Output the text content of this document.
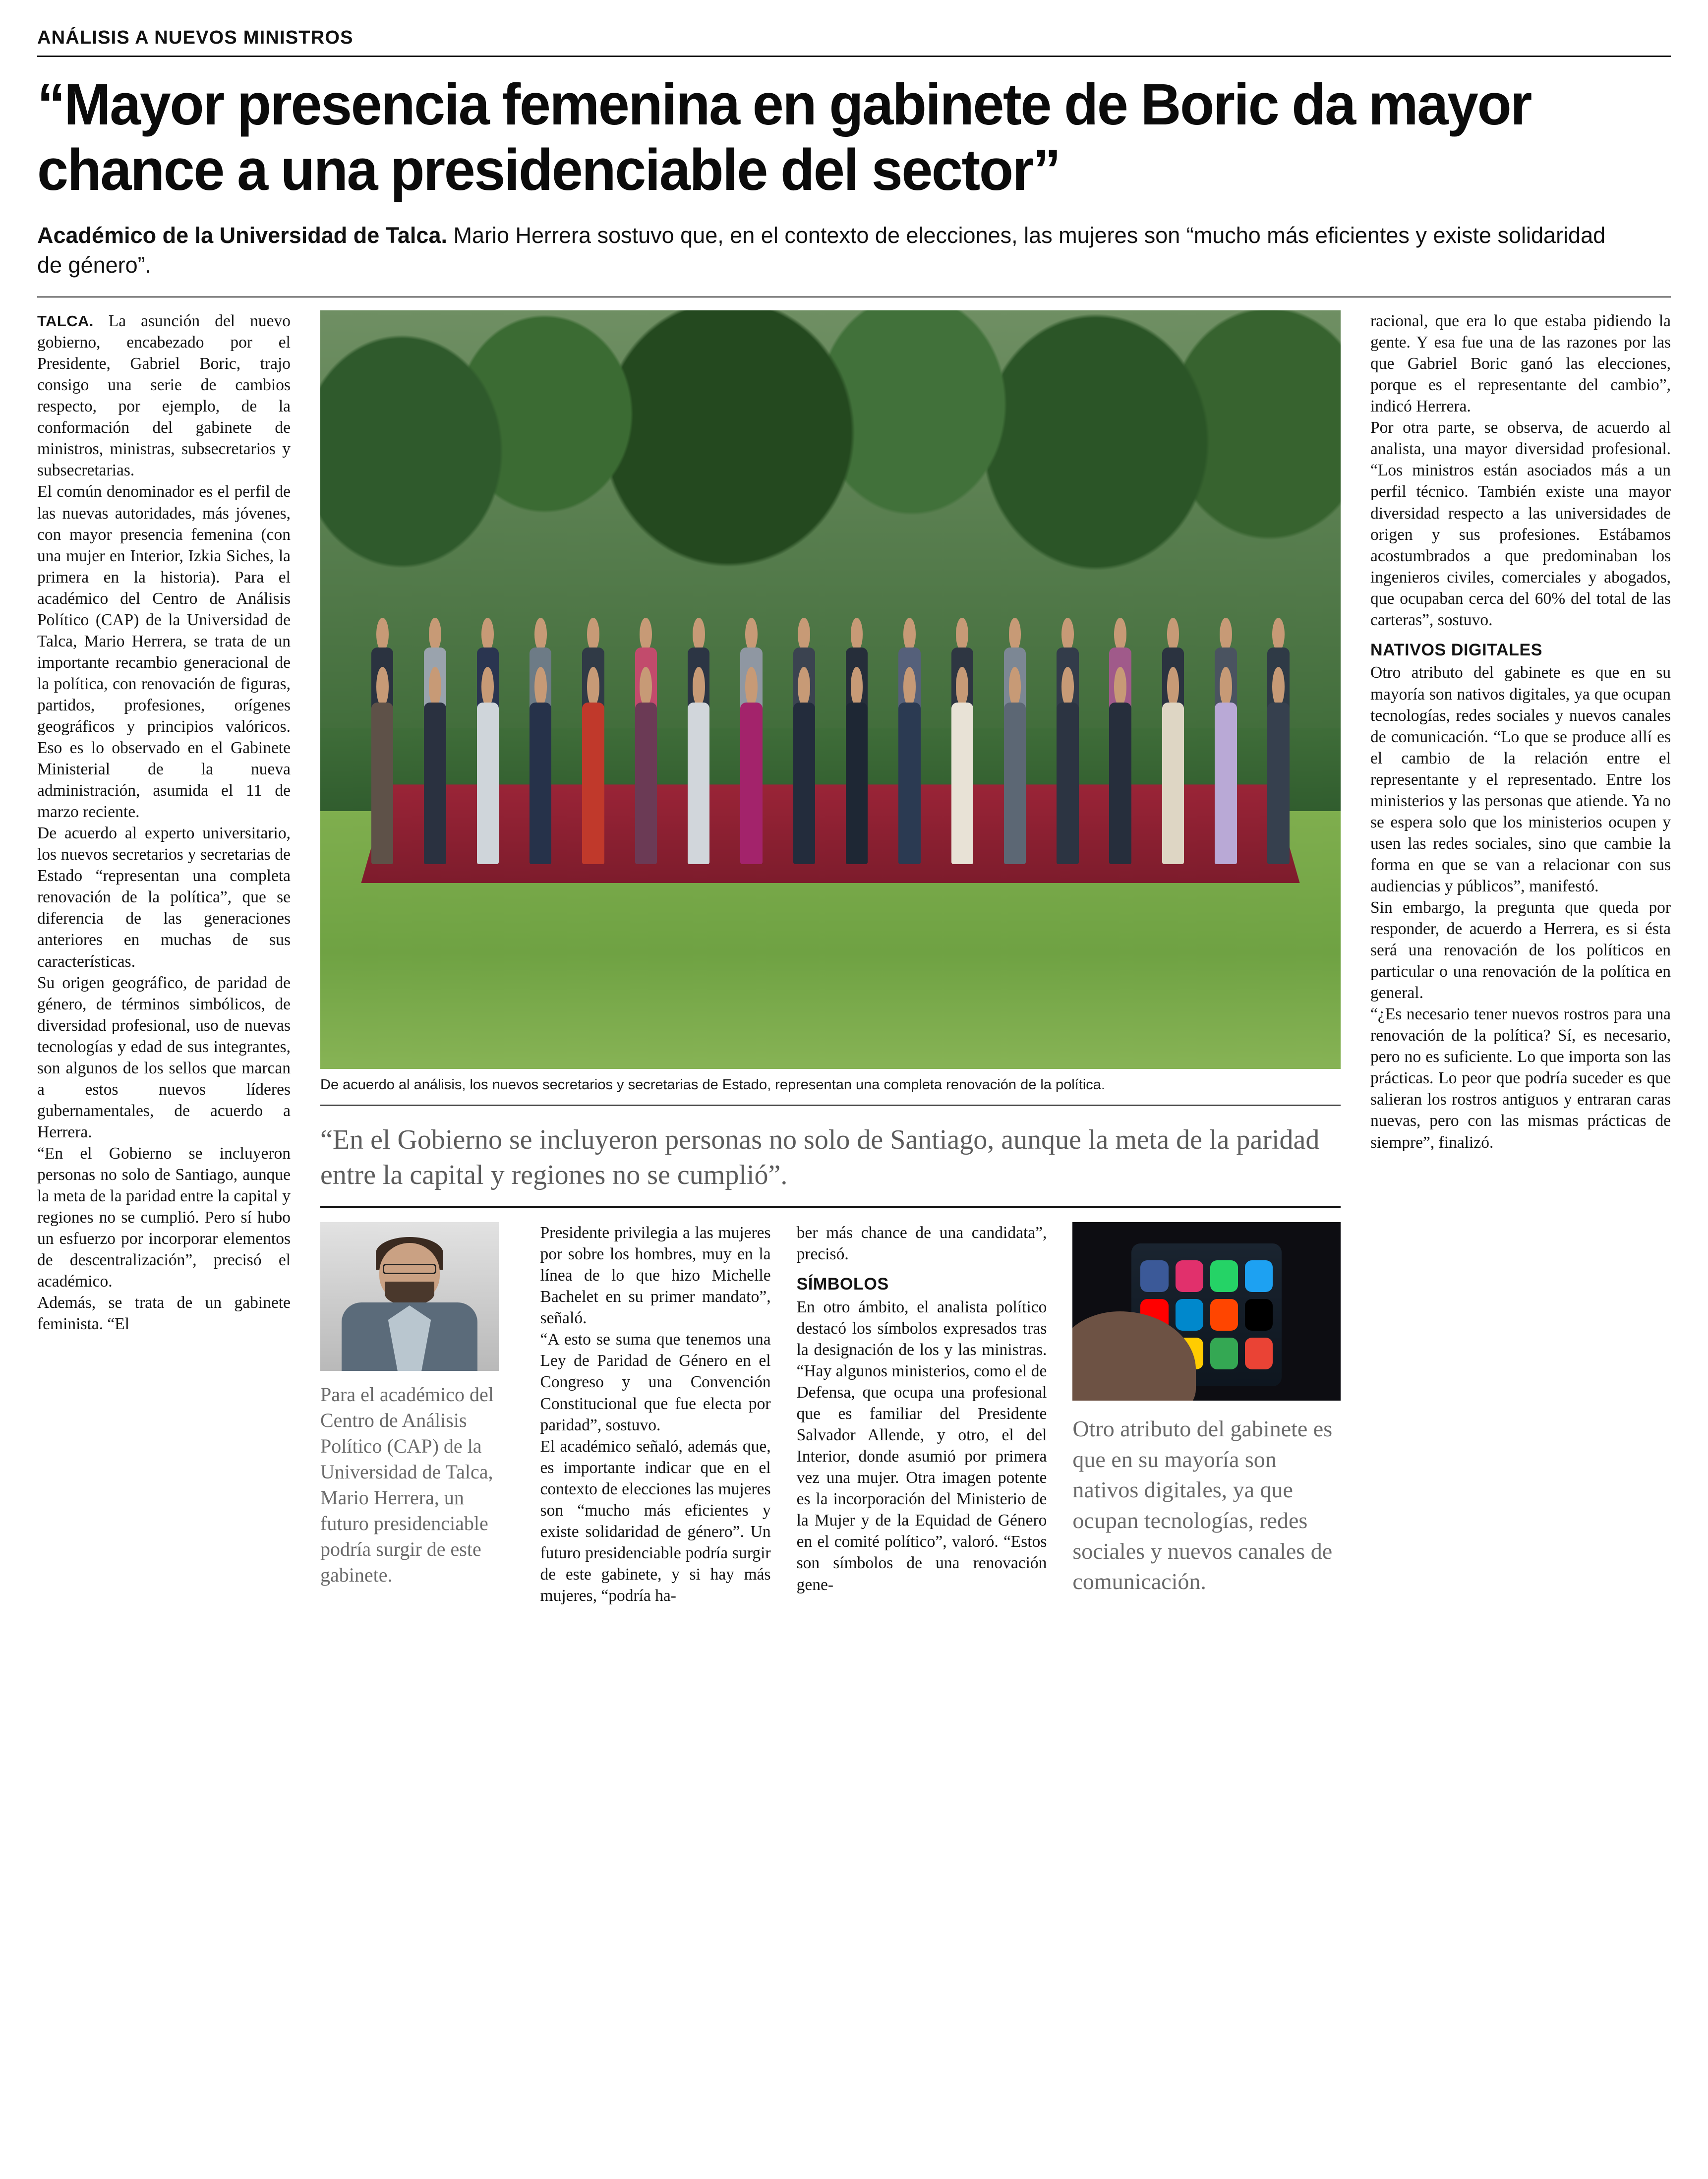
ANÁLISIS A NUEVOS MINISTROS
“Mayor presencia femenina en gabinete de Boric da mayor chance a una presidenciable del sector”

Académico de la Universidad de Talca. Mario Herrera sostuvo que, en el contexto de elecciones, las mujeres son “mucho más eficientes y existe solidaridad de género”.

TALCA. La asunción del nuevo gobierno, encabezado por el Presidente, Gabriel Boric, trajo consigo una serie de cambios respecto, por ejemplo, de la conformación del gabinete de ministros, ministras, subsecretarios y subsecretarias.

El común denominador es el perfil de las nuevas autoridades, más jóvenes, con mayor presencia femenina (con una mujer en Interior, Izkia Siches, la primera en la historia). Para el académico del Centro de Análisis Político (CAP) de la Universidad de Talca, Mario Herrera, se trata de un importante recambio generacional de la política, con renovación de figuras, partidos, profesiones, orígenes geográficos y principios valóricos. Eso es lo observado en el Gabinete Ministerial de la nueva administración, asumida el 11 de marzo reciente.

De acuerdo al experto universitario, los nuevos secretarios y secretarias de Estado “representan una completa renovación de la política”, que se diferencia de las generaciones anteriores en muchas de sus características.

Su origen geográfico, de paridad de género, de términos simbólicos, de diversidad profesional, uso de nuevas tecnologías y edad de sus integrantes, son algunos de los sellos que marcan a estos nuevos líderes gubernamentales, de acuerdo a Herrera.

“En el Gobierno se incluyeron personas no solo de Santiago, aunque la meta de la paridad entre la capital y regiones no se cumplió. Pero sí hubo un esfuerzo por incorporar elementos de descentralización”, precisó el académico.

Además, se trata de un gabinete feminista. “El

De acuerdo al análisis, los nuevos secretarios y secretarias de Estado, representan una completa renovación de la política.
“En el Gobierno se incluyeron personas no solo de Santiago, aunque la meta de la paridad entre la capital y regiones no se cumplió”.
Para el académico del Centro de Análisis Político (CAP) de la Universidad de Talca, Mario Herrera, un futuro presidenciable podría surgir de este gabinete.

Presidente privilegia a las mujeres por sobre los hombres, muy en la línea de lo que hizo Michelle Bachelet en su primer mandato”, señaló.

“A esto se suma que tenemos una Ley de Paridad de Género en el Congreso y una Convención Constitucional que fue electa por paridad”, sostuvo.

El académico señaló, además que, es importante indicar que en el contexto de elecciones las mujeres son “mucho más eficientes y existe solidaridad de género”. Un futuro presidenciable podría surgir de este gabinete, y si hay más mujeres, “podría ha-

ber más chance de una candidata”, precisó.

SÍMBOLOS

En otro ámbito, el analista político destacó los símbolos expresados tras la designación de los y las ministras. “Hay algunos ministerios, como el de Defensa, que ocupa una profesional que es familiar del Presidente Salvador Allende, y otro, el del Interior, donde asumió por primera vez una mujer. Otra imagen potente es la incorporación del Ministerio de la Mujer y de la Equidad de Género en el comité político”, valoró. “Estos son símbolos de una renovación gene-

Otro atributo del gabinete es que en su mayoría son nativos digitales, ya que ocupan tecnologías, redes sociales y nuevos canales de comunicación.

racional, que era lo que estaba pidiendo la gente. Y esa fue una de las razones por las que Gabriel Boric ganó las elecciones, porque es el representante del cambio”, indicó Herrera.

Por otra parte, se observa, de acuerdo al analista, una mayor diversidad profesional. “Los ministros están asociados más a un perfil técnico. También existe una mayor diversidad respecto a las universidades de origen y sus profesiones. Estábamos acostumbrados a que predominaban los ingenieros civiles, comerciales y abogados, que ocupaban cerca del 60% del total de las carteras”, sostuvo.

NATIVOS DIGITALES

Otro atributo del gabinete es que en su mayoría son nativos digitales, ya que ocupan tecnologías, redes sociales y nuevos canales de comunicación. “Lo que se produce allí es el cambio de la relación entre el representante y el representado. Entre los ministerios y las personas que atiende. Ya no se espera solo que los ministerios ocupen y usen las redes sociales, sino que cambie la forma en que se van a relacionar con sus audiencias y públicos”, manifestó.

Sin embargo, la pregunta que queda por responder, de acuerdo a Herrera, es si ésta será una renovación de los políticos en particular o una renovación de la política en general.

“¿Es necesario tener nuevos rostros para una renovación de la política? Sí, es necesario, pero no es suficiente. Lo que importa son las prácticas. Lo peor que podría suceder es que salieran los rostros antiguos y entraran caras nuevas, pero con las mismas prácticas de siempre”, finalizó.
